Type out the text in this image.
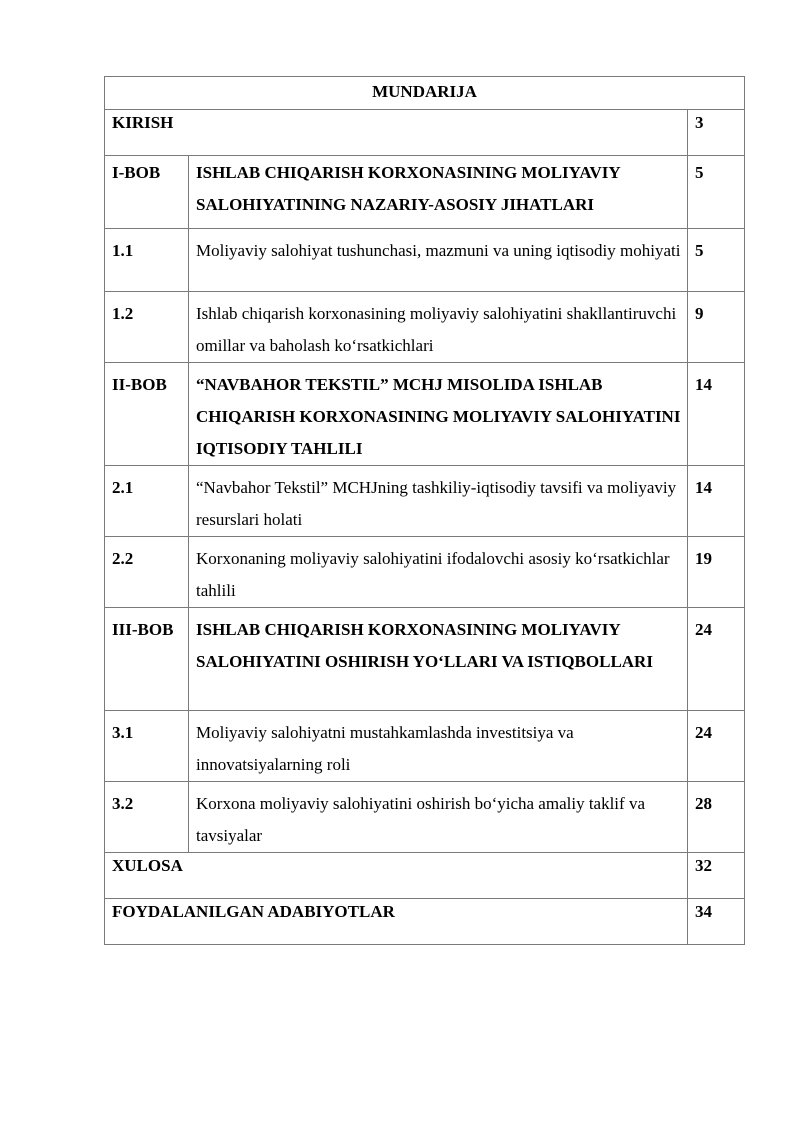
MUNDARIJA		

KIRISH		3

I-BOB	ISHLAB CHIQARISH KORXONASINING MOLIYAVIY SALOHIYATINING NAZARIY-ASOSIY JIHATLARI	5

1.1	Moliyaviy salohiyat tushunchasi, mazmuni va uning iqtisodiy mohiyati	5

1.2	Ishlab chiqarish korxonasining moliyaviy salohiyatini shakllantiruvchi omillar va baholash ko‘rsatkichlari	9

II-BOB	“NAVBAHOR TEKSTIL” MCHJ MISOLIDA ISHLAB CHIQARISH KORXONASINING MOLIYAVIY SALOHIYATINI IQTISODIY TAHLILI	14

2.1	“Navbahor Tekstil” MCHJning tashkiliy-iqtisodiy tavsifi va moliyaviy resurslari holati	14

2.2	Korxonaning moliyaviy salohiyatini ifodalovchi asosiy ko‘rsatkichlar tahlili	19

III-BOB	ISHLAB CHIQARISH KORXONASINING MOLIYAVIY SALOHIYATINI OSHIRISH YO‘LLARI VA ISTIQBOLLARI	24

3.1	Moliyaviy salohiyatni mustahkamlashda investitsiya va innovatsiyalarning roli	24

3.2	Korxona moliyaviy salohiyatini oshirish bo‘yicha amaliy taklif va tavsiyalar	28

XULOSA		32

FOYDALANILGAN ADABIYOTLAR		34
